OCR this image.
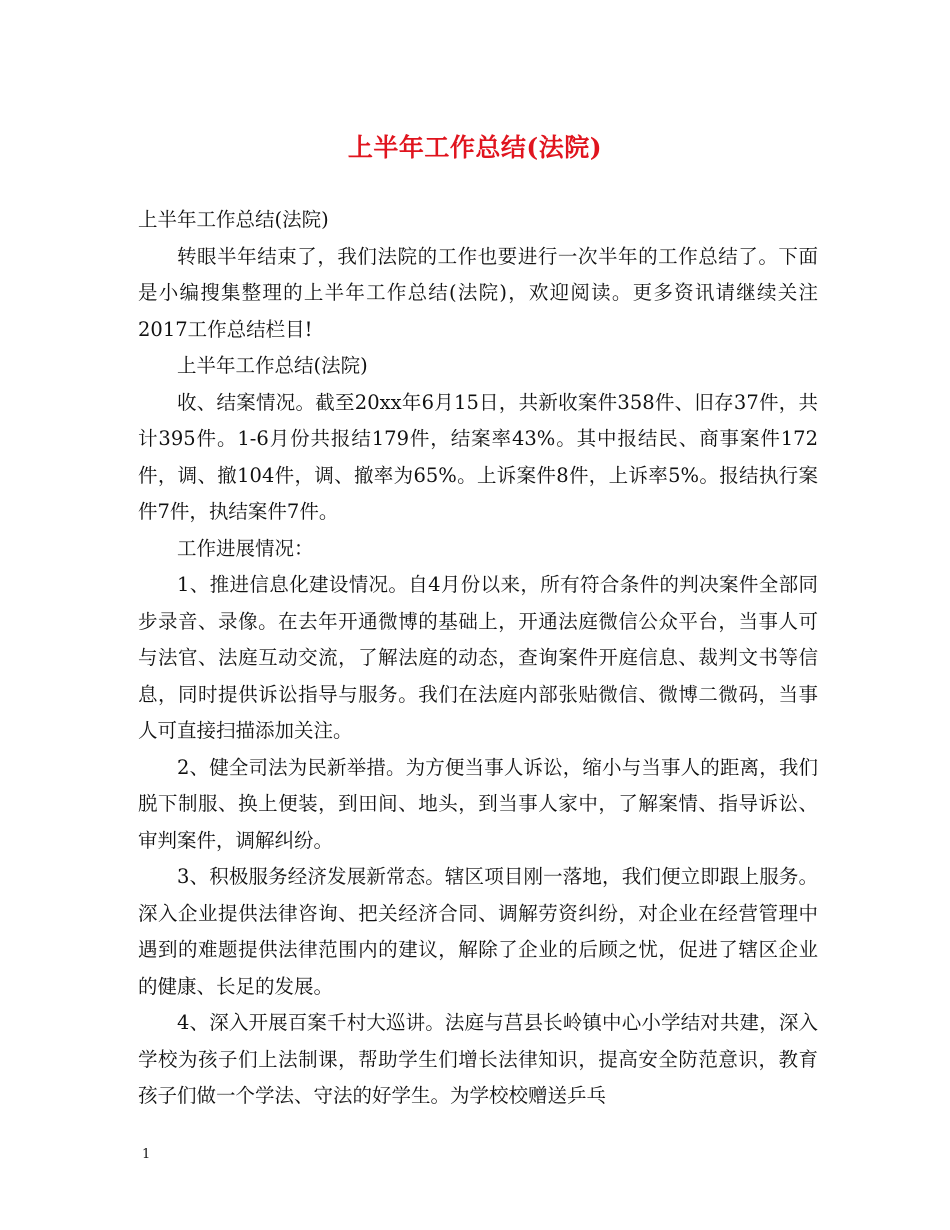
上半年工作总结(法院)

上半年工作总结(法院)

转眼半年结束了，我们法院的工作也要进行一次半年的工作总结了。下面是小编搜集整理的上半年工作总结(法院)，欢迎阅读。更多资讯请继续关注2017工作总结栏目!

上半年工作总结(法院)

收、结案情况。截至20xx年6月15日，共新收案件358件、旧存37件，共计395件。1-6月份共报结179件，结案率43%。其中报结民、商事案件172件，调、撤104件，调、撤率为65%。上诉案件8件，上诉率5%。报结执行案件7件，执结案件7件。

工作进展情况：

1、推进信息化建设情况。自4月份以来，所有符合条件的判决案件全部同步录音、录像。在去年开通微博的基础上，开通法庭微信公众平台，当事人可与法官、法庭互动交流，了解法庭的动态，查询案件开庭信息、裁判文书等信息，同时提供诉讼指导与服务。我们在法庭内部张贴微信、微博二微码，当事人可直接扫描添加关注。

2、健全司法为民新举措。为方便当事人诉讼，缩小与当事人的距离，我们脱下制服、换上便装，到田间、地头，到当事人家中，了解案情、指导诉讼、审判案件，调解纠纷。

3、积极服务经济发展新常态。辖区项目刚一落地，我们便立即跟上服务。深入企业提供法律咨询、把关经济合同、调解劳资纠纷，对企业在经营管理中遇到的难题提供法律范围内的建议，解除了企业的后顾之忧，促进了辖区企业的健康、长足的发展。

4、深入开展百案千村大巡讲。法庭与莒县长岭镇中心小学结对共建，深入学校为孩子们上法制课，帮助学生们增长法律知识，提高安全防范意识，教育孩子们做一个学法、守法的好学生。为学校校赠送乒乓

1
